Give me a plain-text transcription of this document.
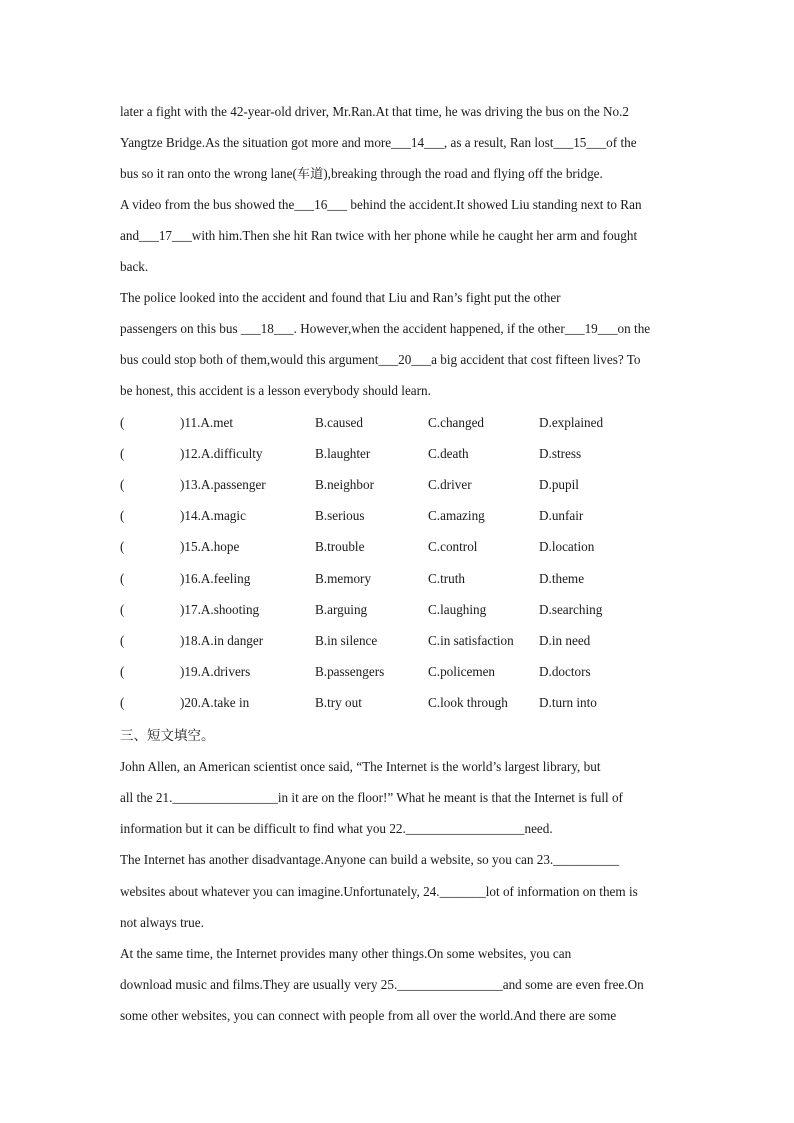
later a fight with the 42-year-old driver, Mr.Ran.At that time, he was driving the bus on the No.2
Yangtze Bridge.As the situation got more and more___14___, as a result, Ran lost___15___of the
bus so it ran onto the wrong lane(车道),breaking through the road and flying off the bridge.
A video from the bus showed the___16___ behind the accident.It showed Liu standing next to Ran
and___17___with him.Then she hit Ran twice with her phone while he caught her arm and fought
back.
The police looked into the accident and found that Liu and Ran’s fight put the other
passengers on this bus ___18___. However,when the accident happened, if the other___19___on the
bus could stop both of them,would this argument___20___a big accident that cost fifteen lives? To
be honest, this accident is a lesson everybody should learn.
(	)11.A.met	B.caused	C.changed	D.explained
(	)12.A.difficulty	B.laughter	C.death	D.stress
(	)13.A.passenger	B.neighbor	C.driver	D.pupil
(	)14.A.magic	B.serious	C.amazing	D.unfair
(	)15.A.hope	B.trouble	C.control	D.location
(	)16.A.feeling	B.memory	C.truth	D.theme
(	)17.A.shooting	B.arguing	C.laughing	D.searching
(	)18.A.in danger	B.in silence	C.in satisfaction D.in need
(	)19.A.drivers	B.passengers	C.policemen	D.doctors
(	)20.A.take in	B.try out	C.look through D.turn into
三、短文填空。
John Allen, an American scientist once said, “The Internet is the world’s largest library, but
all the 21.________________in it are on the floor!” What he meant is that the Internet is full of
information but it can be difficult to find what you 22.__________________need.
The Internet has another disadvantage.Anyone can build a website, so you can 23.__________
websites about whatever you can imagine.Unfortunately, 24._______lot of information on them is
not always true.
At the same time, the Internet provides many other things.On some websites, you can
download music and films.They are usually very 25.________________and some are even free.On
some other websites, you can connect with people from all over the world.And there are some
